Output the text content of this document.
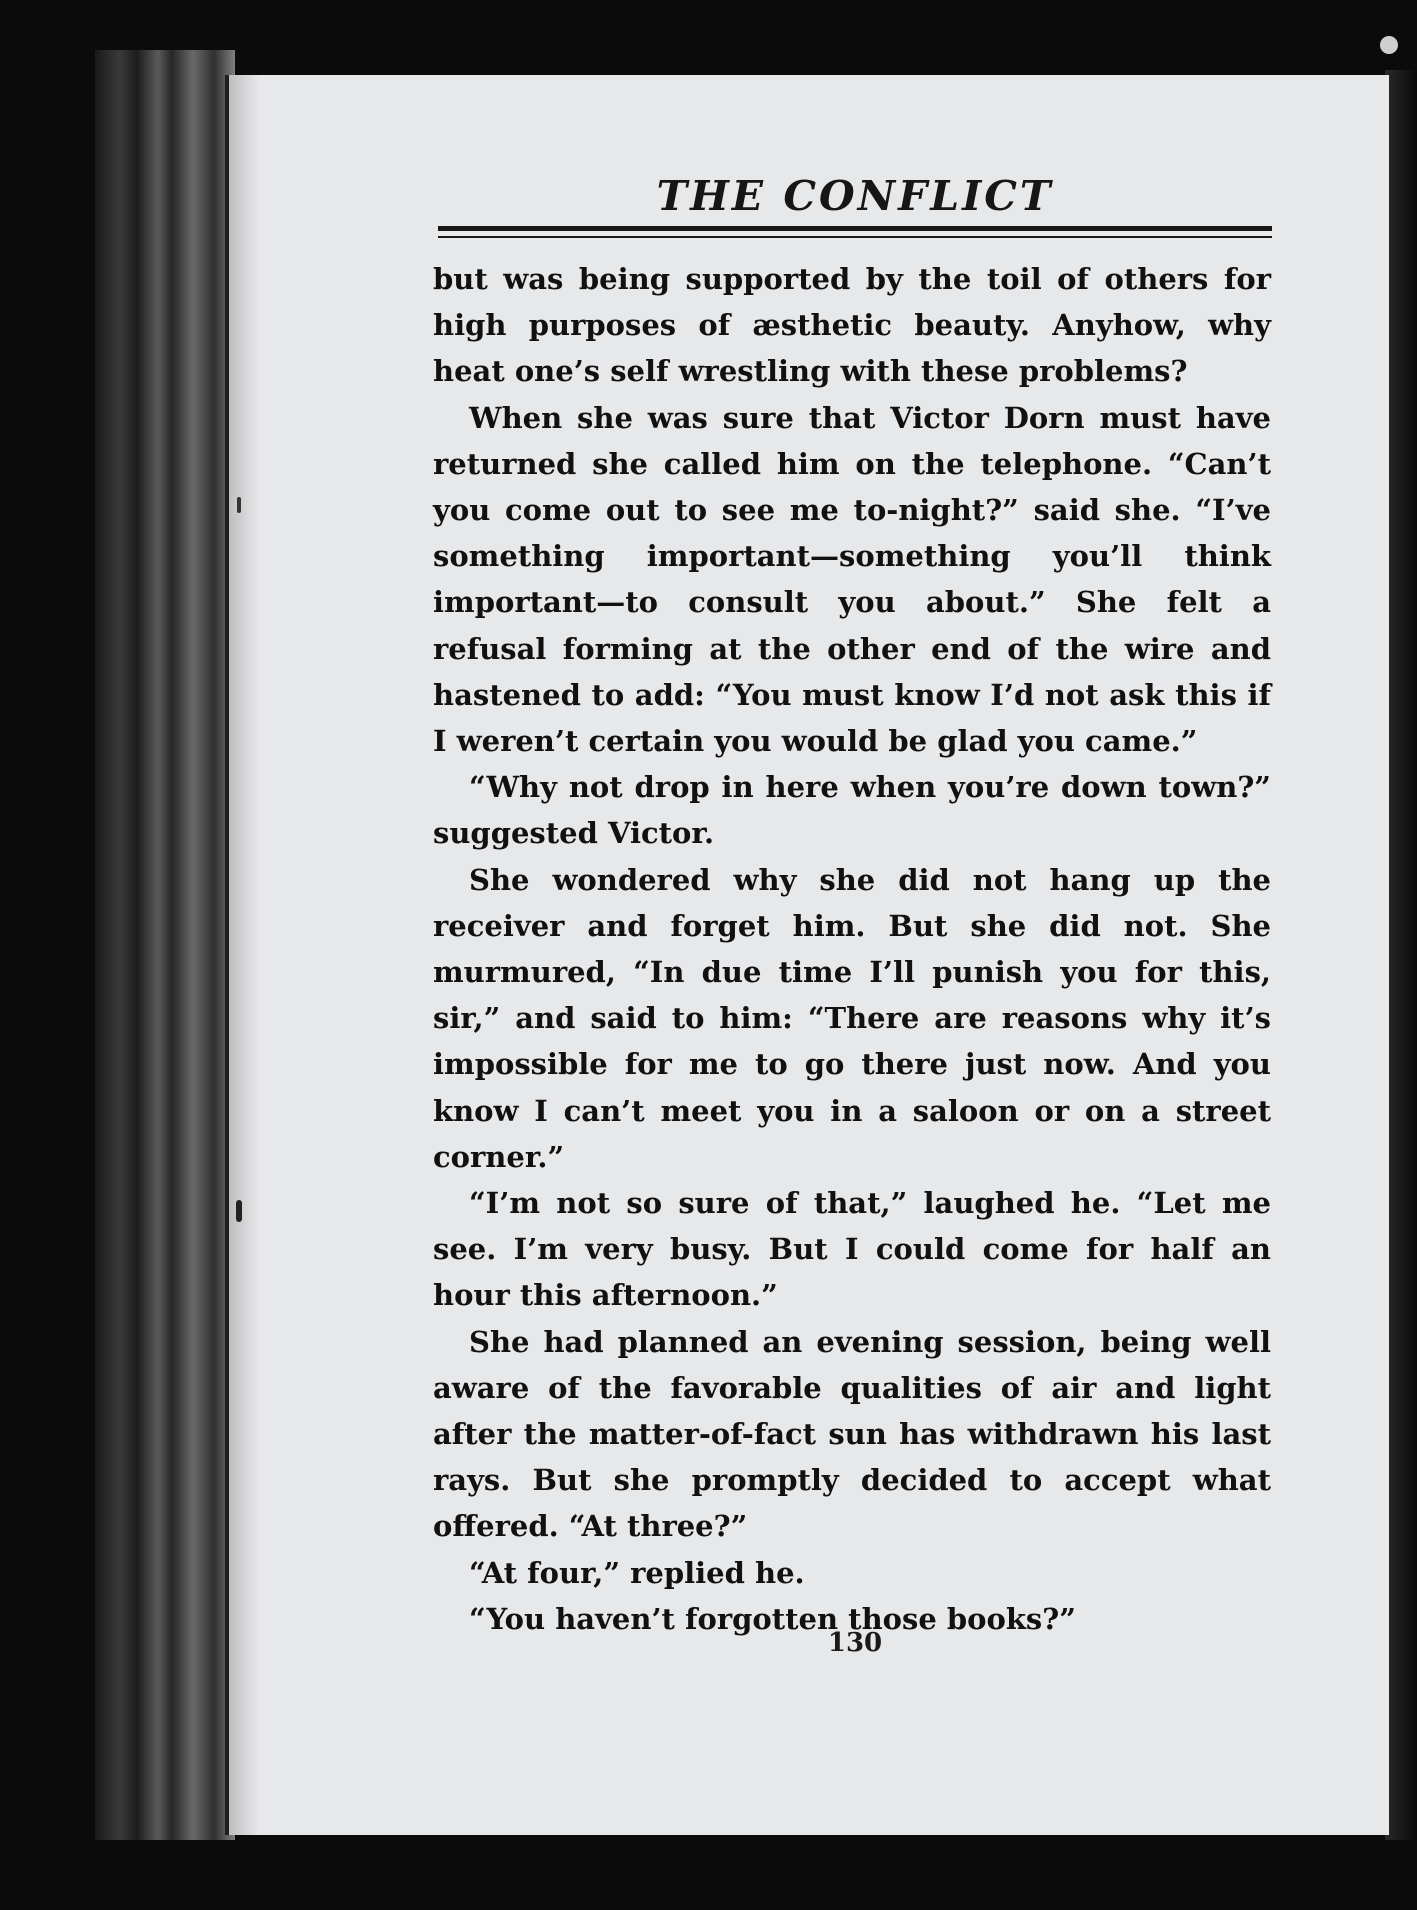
THE CONFLICT

but was being supported by the toil of others for high purposes of æsthetic beauty. Anyhow, why heat one’s self wrestling with these problems?

When she was sure that Victor Dorn must have returned she called him on the telephone. “Can’t you come out to see me to-night?” said she. “I’ve something important—something you’ll think important—to consult you about.” She felt a refusal forming at the other end of the wire and hastened to add: “You must know I’d not ask this if I weren’t certain you would be glad you came.”

“Why not drop in here when you’re down town?” suggested Victor.

She wondered why she did not hang up the receiver and forget him. But she did not. She murmured, “In due time I’ll punish you for this, sir,” and said to him: “There are reasons why it’s impossible for me to go there just now. And you know I can’t meet you in a saloon or on a street corner.”

“I’m not so sure of that,” laughed he. “Let me see. I’m very busy. But I could come for half an hour this afternoon.”

She had planned an evening session, being well aware of the favorable qualities of air and light after the matter-of-fact sun has withdrawn his last rays. But she promptly decided to accept what offered. “At three?”

“At four,” replied he.

“You haven’t forgotten those books?”

130
